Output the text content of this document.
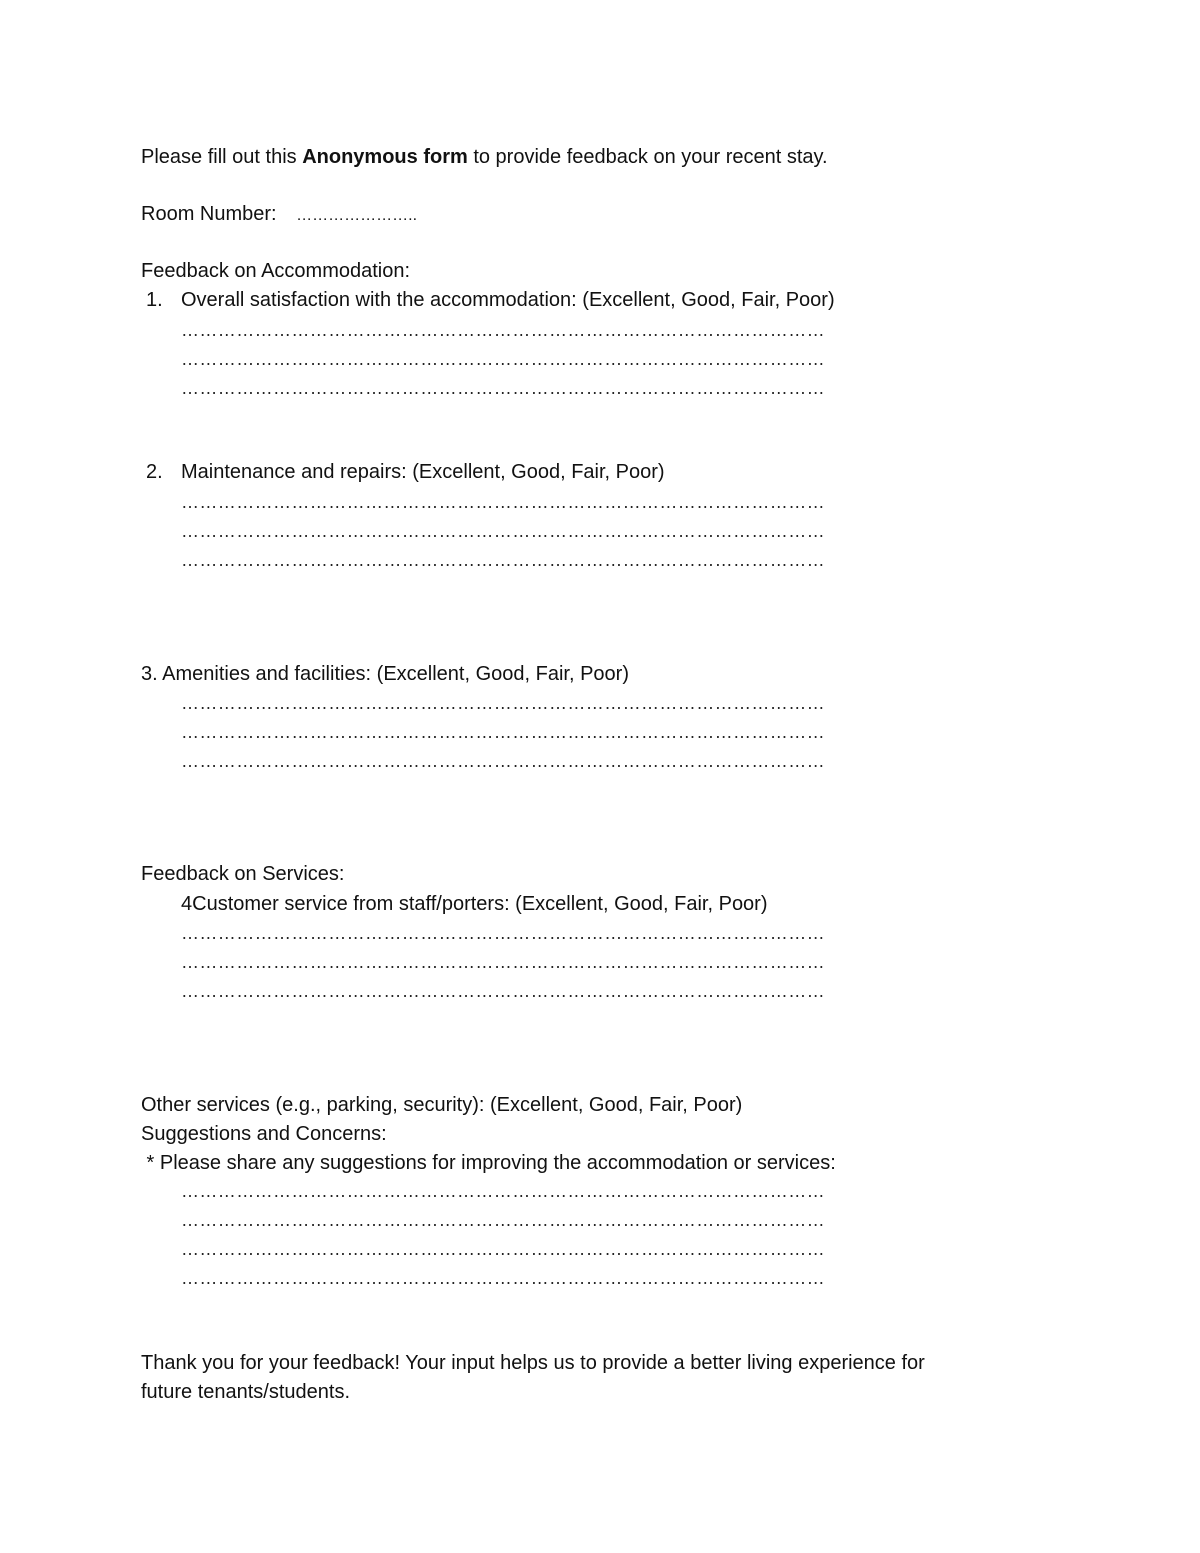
Please fill out this Anonymous form to provide feedback on your recent stay.
Room Number: …………………..
Feedback on Accommodation:
1. Overall satisfaction with the accommodation: (Excellent, Good, Fair, Poor)
……………………………………………………………………………………………
……………………………………………………………………………………………
……………………………………………………………………………………………
2. Maintenance and repairs: (Excellent, Good, Fair, Poor)
……………………………………………………………………………………………
……………………………………………………………………………………………
……………………………………………………………………………………………
3. Amenities and facilities: (Excellent, Good, Fair, Poor)
……………………………………………………………………………………………
……………………………………………………………………………………………
……………………………………………………………………………………………
Feedback on Services:
4Customer service from staff/porters: (Excellent, Good, Fair, Poor)
……………………………………………………………………………………………
……………………………………………………………………………………………
……………………………………………………………………………………………
Other services (e.g., parking, security): (Excellent, Good, Fair, Poor)
Suggestions and Concerns:
* Please share any suggestions for improving the accommodation or services:
……………………………………………………………………………………………
……………………………………………………………………………………………
……………………………………………………………………………………………
……………………………………………………………………………………………
Thank you for your feedback! Your input helps us to provide a better living experience for
future tenants/students.
